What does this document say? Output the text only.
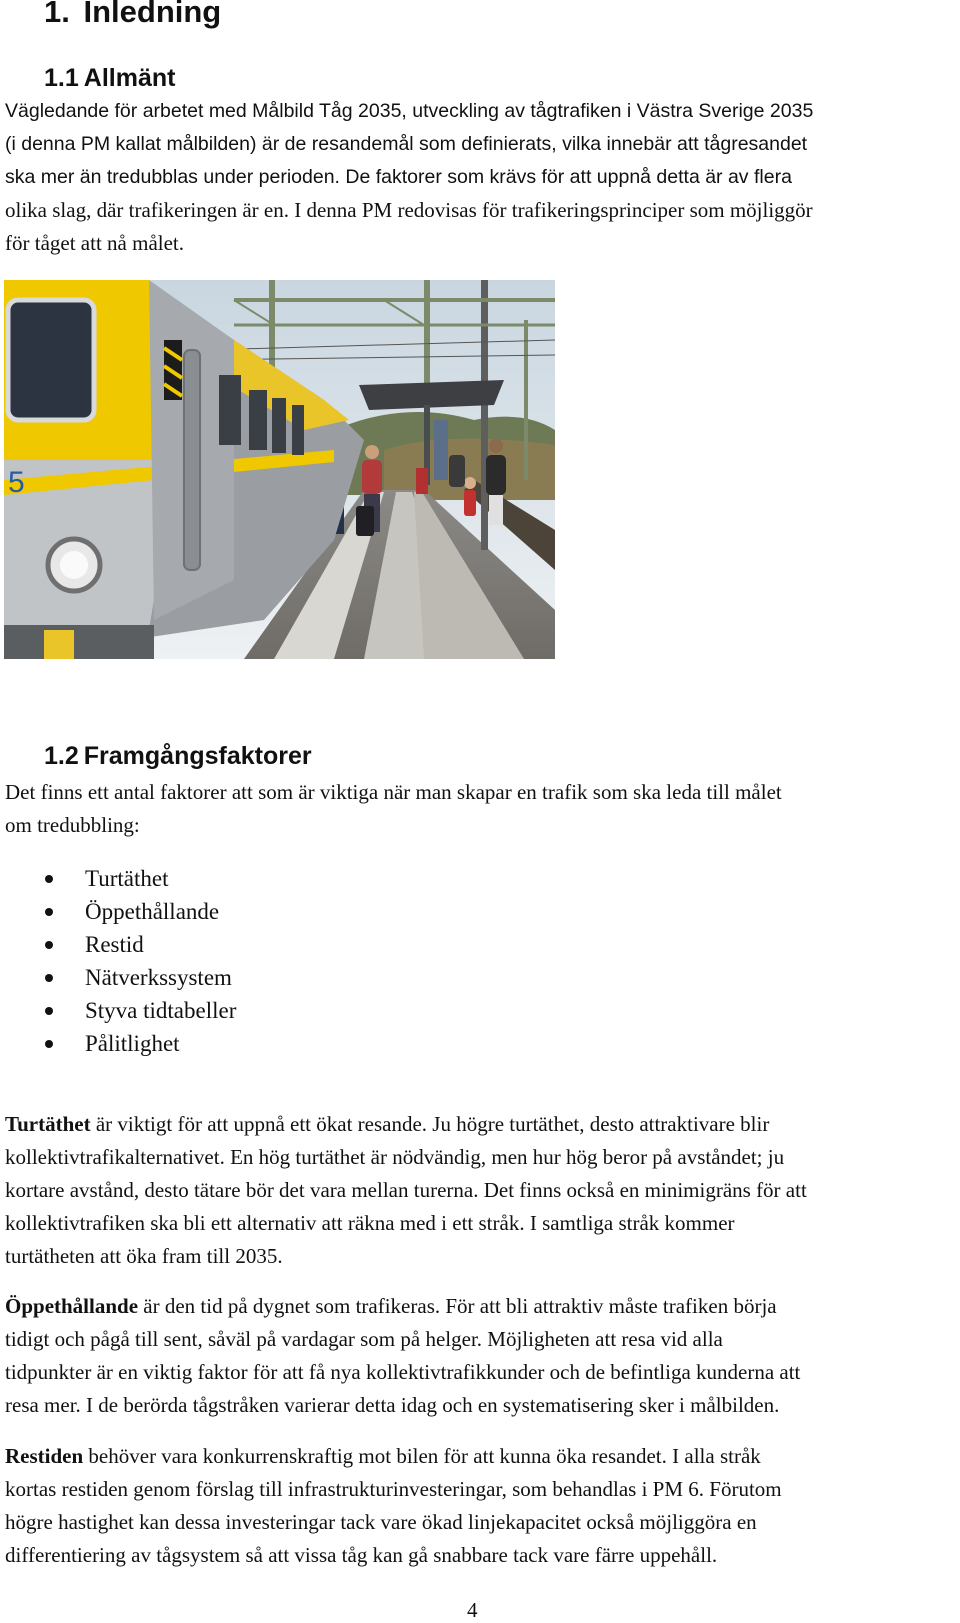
1. Inledning
1.1 Allmänt

Vägledande för arbetet med Målbild Tåg 2035, utveckling av tågtrafiken i Västra Sverige 2035
(i denna PM kallat målbilden) är de resandemål som definierats, vilka innebär att tågresandet
ska mer än tredubblas under perioden. De faktorer som krävs för att uppnå detta är av flera
olika slag, där trafikeringen är en. I denna PM redovisas för trafikeringsprinciper som möjliggör
för tåget att nå målet.

5
1.2 Framgångsfaktorer

Det finns ett antal faktorer att som är viktiga när man skapar en trafik som ska leda till målet
om tredubbling:

Turtäthet
Öppethållande
Restid
Nätverkssystem
Styva tidtabeller
Pålitlighet

Turtäthet är viktigt för att uppnå ett ökat resande. Ju högre turtäthet, desto attraktivare blir
kollektivtrafikalternativet. En hög turtäthet är nödvändig, men hur hög beror på avståndet; ju
kortare avstånd, desto tätare bör det vara mellan turerna. Det finns också en minimigräns för att
kollektivtrafiken ska bli ett alternativ att räkna med i ett stråk. I samtliga stråk kommer
turtätheten att öka fram till 2035.

Öppethållande är den tid på dygnet som trafikeras. För att bli attraktiv måste trafiken börja
tidigt och pågå till sent, såväl på vardagar som på helger. Möjligheten att resa vid alla
tidpunkter är en viktig faktor för att få nya kollektivtrafikkunder och de befintliga kunderna att
resa mer. I de berörda tågstråken varierar detta idag och en systematisering sker i målbilden.

Restiden behöver vara konkurrenskraftig mot bilen för att kunna öka resandet. I alla stråk
kortas restiden genom förslag till infrastrukturinvesteringar, som behandlas i PM 6. Förutom
högre hastighet kan dessa investeringar tack vare ökad linjekapacitet också möjliggöra en
differentiering av tågsystem så att vissa tåg kan gå snabbare tack vare färre uppehåll.

4
